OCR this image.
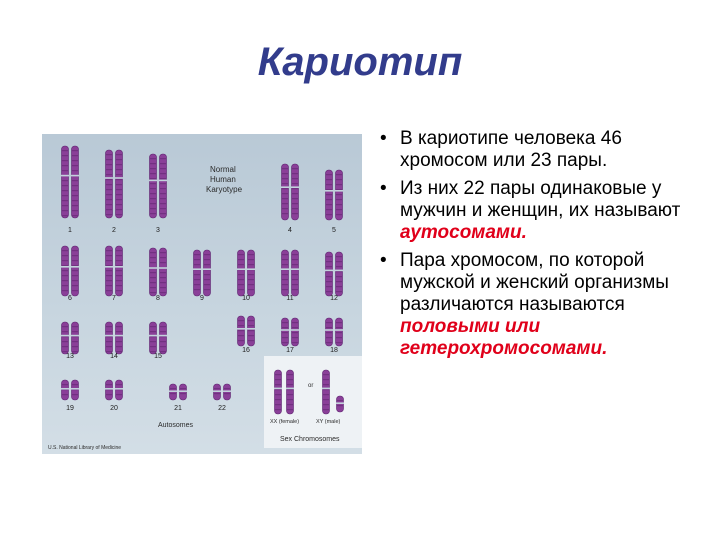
Кариотип
Normal
Human
Karyotype
Autosomes
Sex Chromosomes
or
XX (female)	XY (male)
U.S. National Library of Medicine
1	2	3	4	5
6	7	8	9	10	11	12
13	14	15
16	17	18
19	20	21	22
• В кариотипе человека 46 хромосом или 23 пары.
• Из них 22 пары одинаковые у мужчин и женщин, их называют аутосомами.
• Пара хромосом, по которой мужской и женский организмы различаются называются половыми или гетерохромосомами.
